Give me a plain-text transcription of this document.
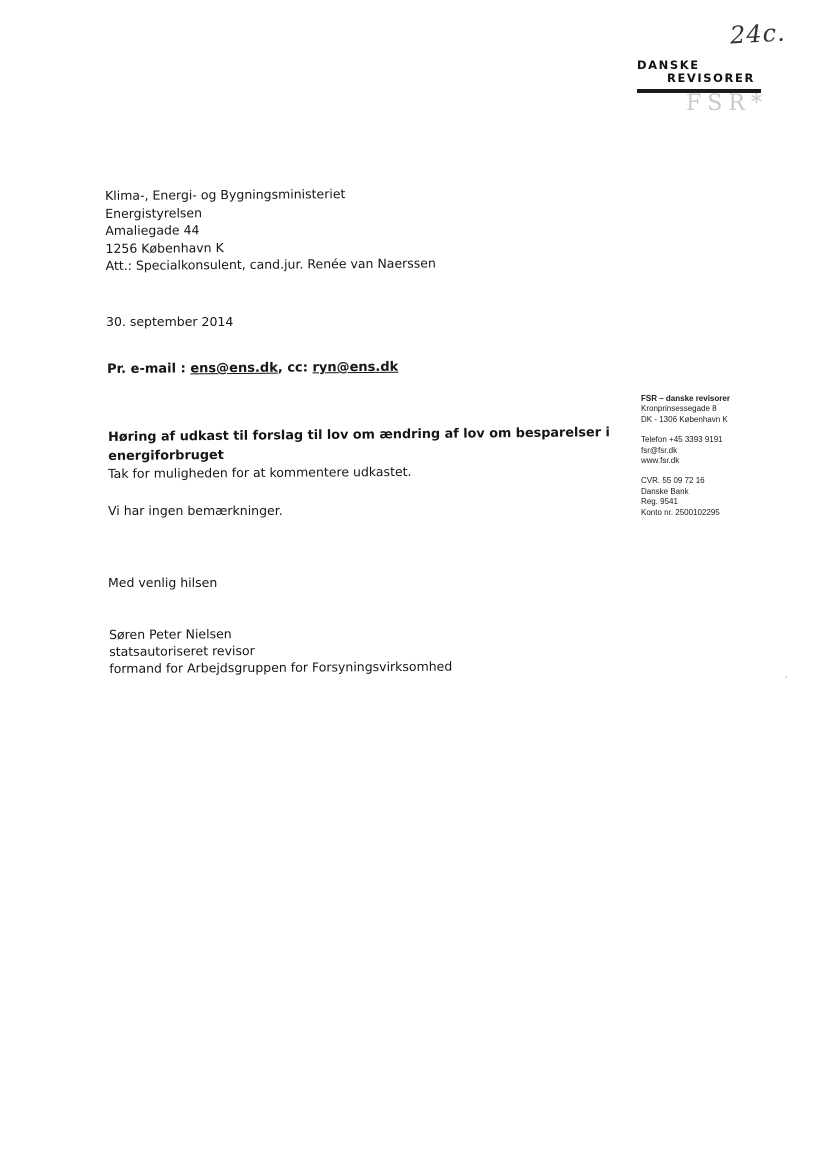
24c.
DANSKE
REVISORER
FSR*
Klima-, Energi- og Bygningsministeriet
Energistyrelsen
Amaliegade 44
1256 København K
Att.: Specialkonsulent, cand.jur. Renée van Naerssen
30. september 2014
Pr. e-mail : ens@ens.dk, cc: ryn@ens.dk
Høring af udkast til forslag til lov om ændring af lov om besparelser i
energiforbruget
Tak for muligheden for at kommentere udkastet.
Vi har ingen bemærkninger.
Med venlig hilsen
Søren Peter Nielsen
statsautoriseret revisor
formand for Arbejdsgruppen for Forsyningsvirksomhed
FSR – danske revisorer
Kronprinsessegade 8
DK - 1306 København K
Telefon +45 3393 9191
fsr@fsr.dk
www.fsr.dk
CVR. 55 09 72 16
Danske Bank
Reg. 9541
Konto nr. 2500102295
